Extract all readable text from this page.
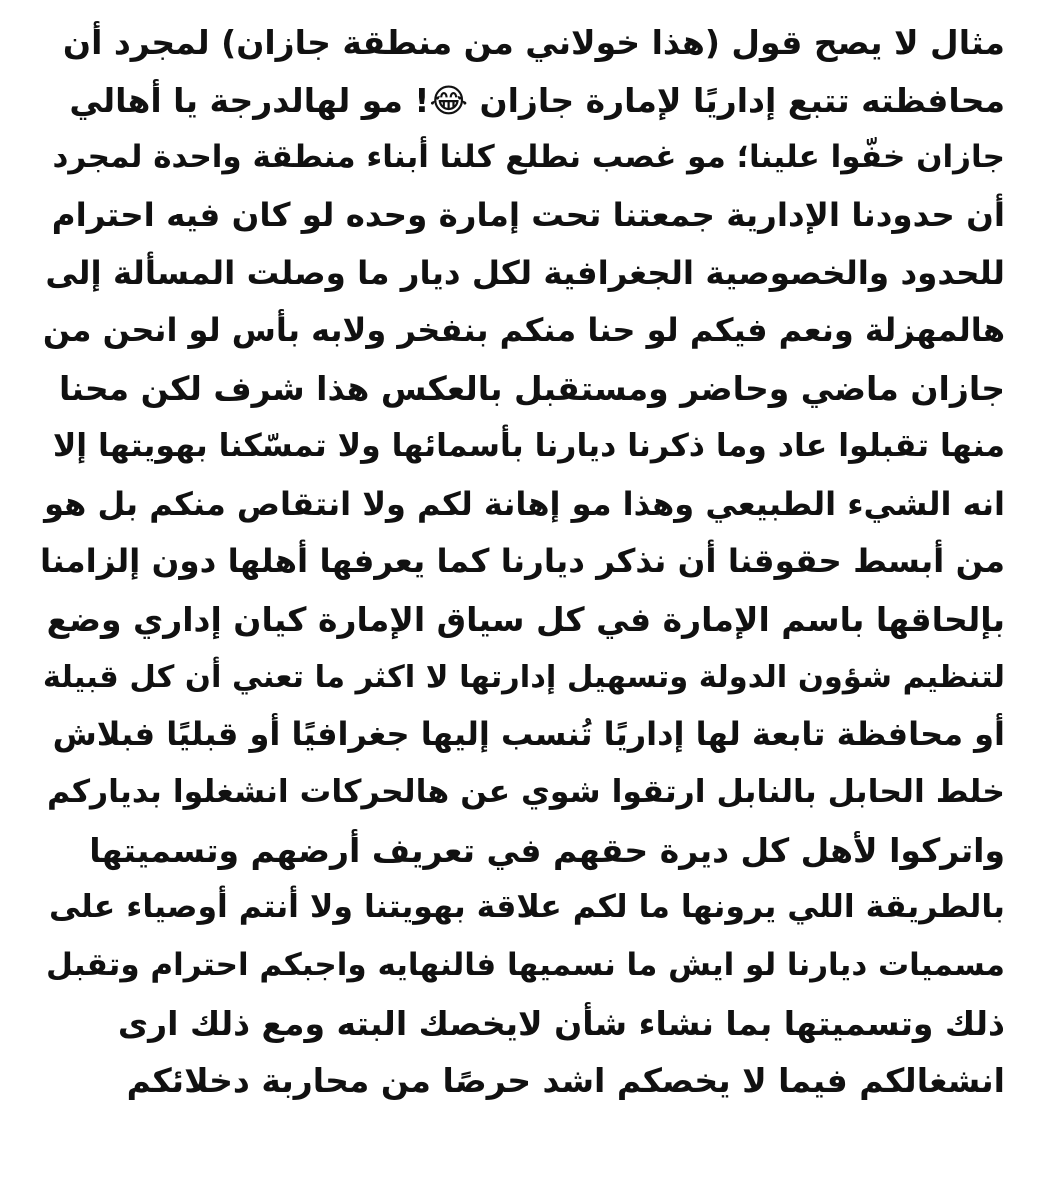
مثال لا يصح قول (هذا خولاني من منطقة جازان) لمجرد أن
محافظته تتبع إداريًا لإمارة جازان 😂! مو لهالدرجة يا أهالي
جازان خفّوا علينا؛ مو غصب نطلع كلنا أبناء منطقة واحدة لمجرد
أن حدودنا الإدارية جمعتنا تحت إمارة وحده لو كان فيه احترام
للحدود والخصوصية الجغرافية لكل ديار ما وصلت المسألة إلى
هالمهزلة ونعم فيكم لو حنا منكم بنفخر ولابه بأس لو انحن من
جازان ماضي وحاضر ومستقبل بالعكس هذا شرف لكن محنا
منها تقبلوا عاد وما ذكرنا ديارنا بأسمائها ولا تمسّكنا بهويتها إلا
انه الشيء الطبيعي وهذا مو إهانة لكم ولا انتقاص منكم بل هو
من أبسط حقوقنا أن نذكر ديارنا كما يعرفها أهلها دون إلزامنا
بإلحاقها باسم الإمارة في كل سياق الإمارة كيان إداري وضع
لتنظيم شؤون الدولة وتسهيل إدارتها لا اكثر ما تعني أن كل قبيلة
أو محافظة تابعة لها إداريًا تُنسب إليها جغرافيًا أو قبليًا فبلاش
خلط الحابل بالنابل ارتقوا شوي عن هالحركات انشغلوا بدياركم
واتركوا لأهل كل ديرة حقهم في تعريف أرضهم وتسميتها
بالطريقة اللي يرونها ما لكم علاقة بهويتنا ولا أنتم أوصياء على
مسميات ديارنا لو ايش ما نسميها فالنهايه واجبكم احترام وتقبل
ذلك وتسميتها بما نشاء شأن لايخصك البته ومع ذلك ارى
انشغالكم فيما لا يخصكم اشد حرصًا من محاربة دخلائكم
